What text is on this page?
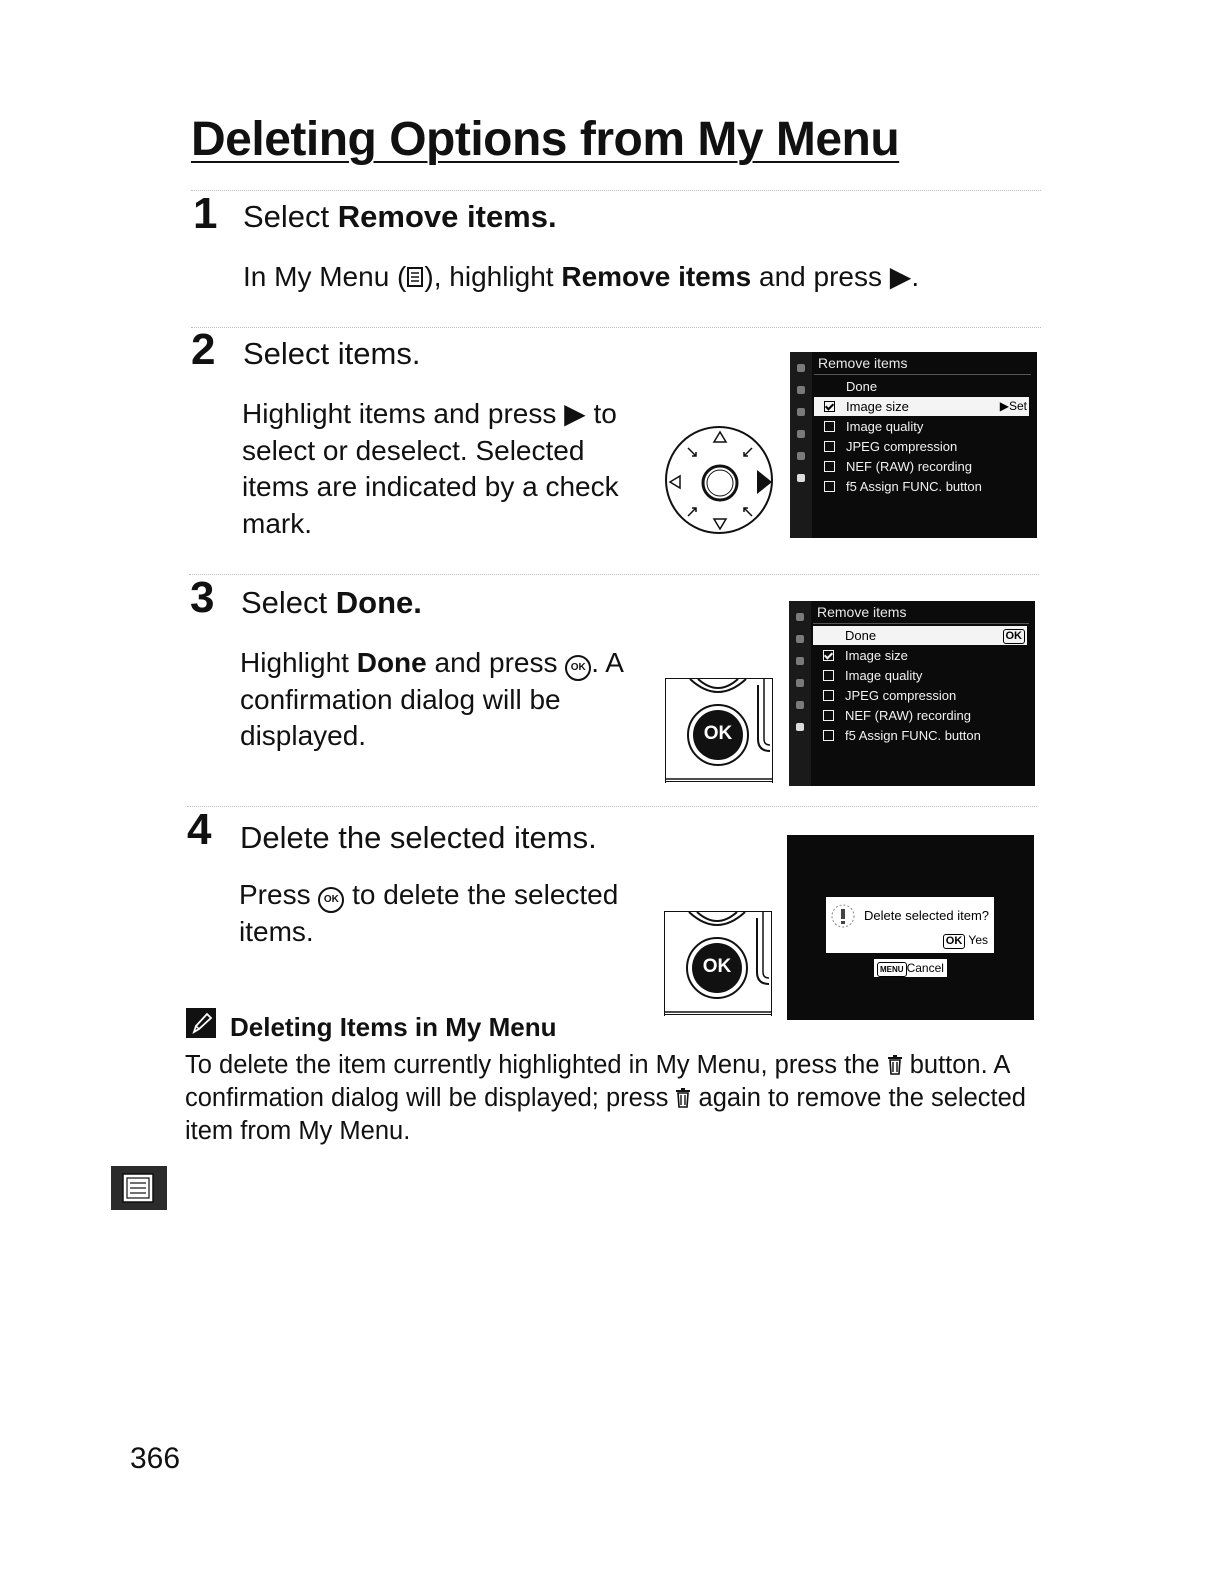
Deleting Options from My Menu
1 Select Remove items.
In My Menu ( ), highlight Remove items and press ▶.
2 Select items.
Highlight items and press ▶ to select or deselect. Selected items are indicated by a check mark.
Remove items
Done
Image size	▶Set
Image quality
JPEG compression
NEF (RAW) recording
f5 Assign FUNC. button
3 Select Done.
Highlight Done and press OK . A confirmation dialog will be displayed.	OK
Remove items
Done	OK
Image size
Image quality
JPEG compression
NEF (RAW) recording
f5 Assign FUNC. button
4 Delete the selected items.
Press OK to delete the selected items.
OK
Delete selected item?
OK Yes
MENU Cancel
Deleting Items in My Menu
To delete the item currently highlighted in My Menu, press the  button. A confirmation dialog will be displayed; press  again to remove the selected item from My Menu.
366
